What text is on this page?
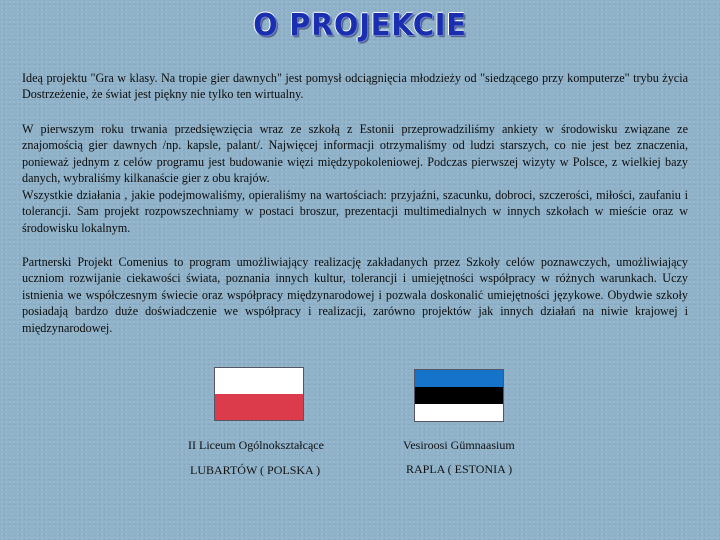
O PROJEKCIE
Ideą projektu "Gra w klasy. Na tropie gier dawnych" jest pomysł odciągnięcia młodzieży od "siedzącego przy komputerze" trybu życia Dostrzeżenie, że świat jest piękny nie tylko ten wirtualny.
W pierwszym roku trwania przedsięwzięcia wraz ze szkołą z Estonii przeprowadziliśmy ankiety w środowisku związane ze znajomością gier dawnych /np. kapsle, palant/. Najwięcej informacji otrzymaliśmy od ludzi starszych, co nie jest bez znaczenia, ponieważ jednym z celów programu jest budowanie więzi międzypokoleniowej. Podczas pierwszej wizyty w Polsce, z wielkiej bazy danych, wybraliśmy kilkanaście gier z obu krajów.
Wszystkie działania , jakie podejmowaliśmy, opieraliśmy na wartościach: przyjaźni, szacunku, dobroci, szczerości, miłości, zaufaniu i tolerancji. Sam projekt rozpowszechniamy w postaci broszur, prezentacji multimedialnych w innych szkołach w mieście oraz w środowisku lokalnym.
Partnerski Projekt Comenius to program umożliwiający realizację zakładanych przez Szkoły celów poznawczych, umożliwiający uczniom rozwijanie ciekawości świata, poznania innych kultur, tolerancji i umiejętności współpracy w różnych warunkach. Uczy istnienia we współczesnym świecie oraz współpracy międzynarodowej i pozwala doskonalić umiejętności językowe. Obydwie szkoły posiadają bardzo duże doświadczenie we współpracy i realizacji, zarówno projektów jak innych działań na niwie krajowej i międzynarodowej.
II Liceum Ogólnokształcące
LUBARTÓW ( POLSKA )
Vesiroosi Gümnaasium
RAPLA ( ESTONIA )
